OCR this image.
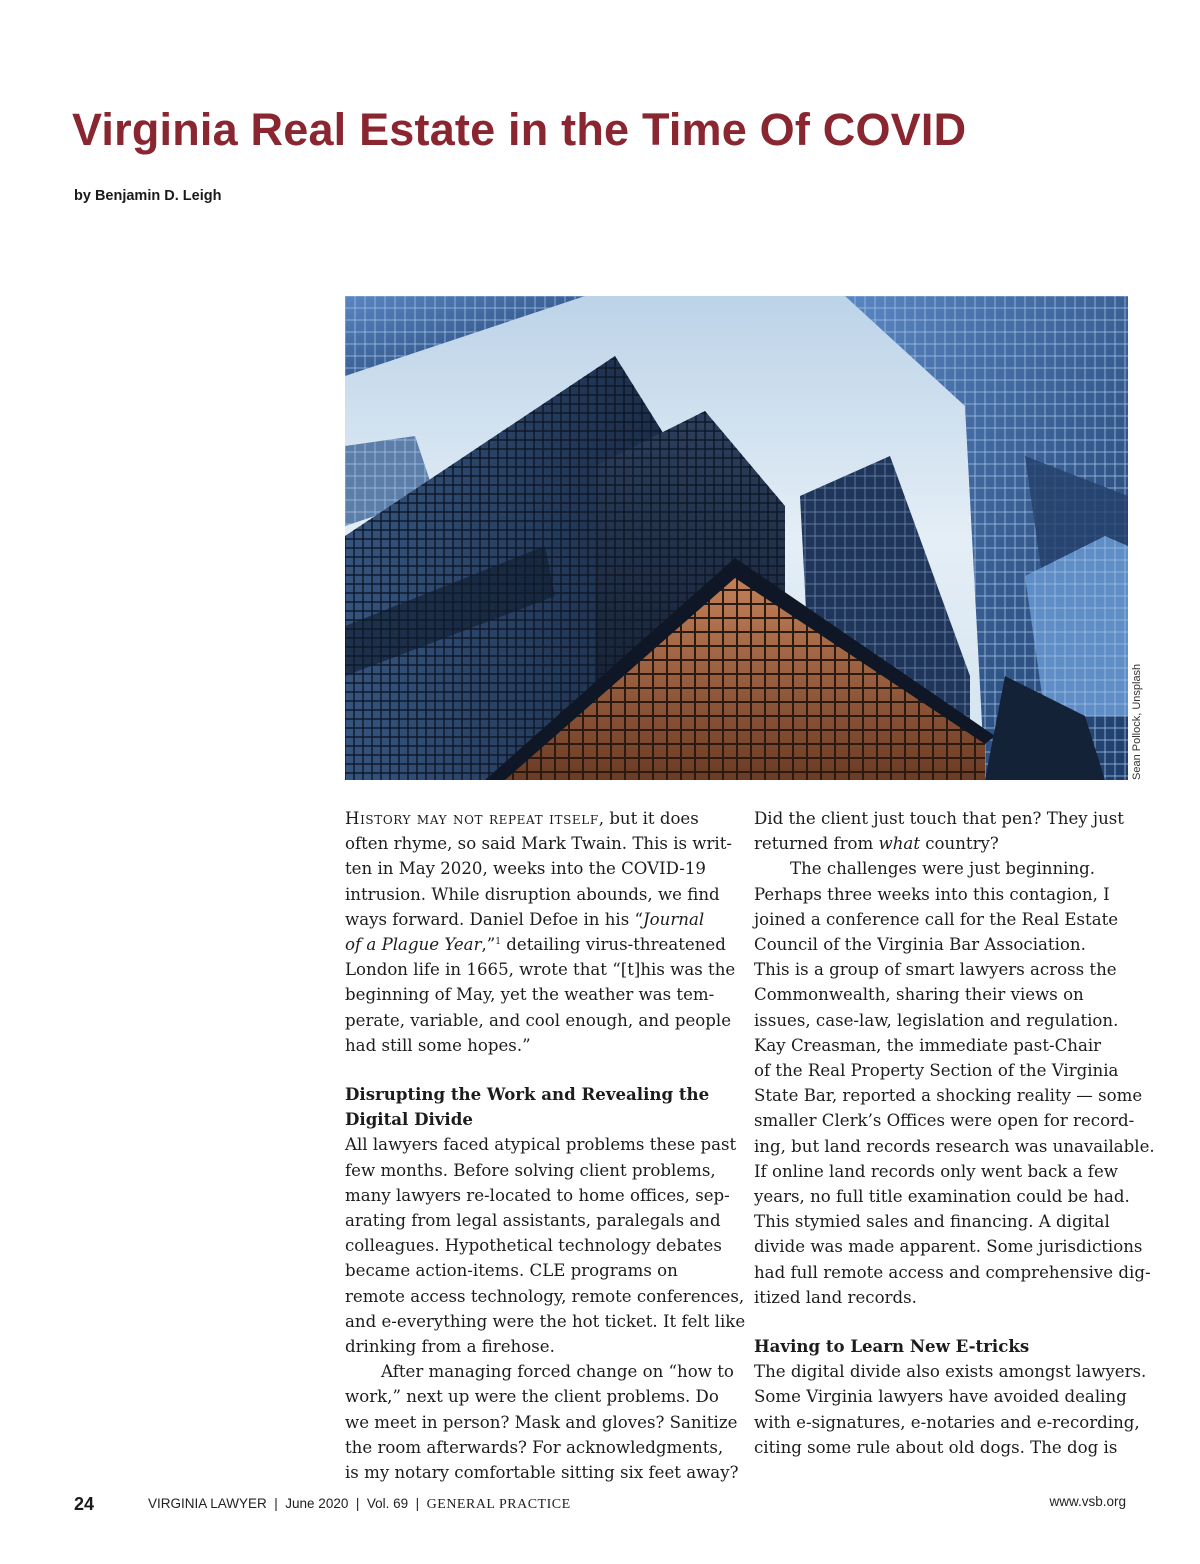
Virginia Real Estate in the Time Of COVID
by Benjamin D. Leigh
Sean Pollock, Unsplash

History may not repeat itself, but it does

often rhyme, so said Mark Twain. This is writ-

ten in May 2020, weeks into the COVID-19

intrusion. While disruption abounds, we find

ways forward. Daniel Defoe in his “Journal

of a Plague Year,”$^1$ detailing virus-threatened

London life in 1665, wrote that “[t]his was the

beginning of May, yet the weather was tem-

perate, variable, and cool enough, and people

had still some hopes.”

Disrupting the Work and Revealing the
Digital Divide

All lawyers faced atypical problems these past

few months. Before solving client problems,

many lawyers re-located to home offices, sep-

arating from legal assistants, paralegals and

colleagues. Hypothetical technology debates

became action-items. CLE programs on

remote access technology, remote conferences,

and e-everything were the hot ticket. It felt like

drinking from a firehose.

After managing forced change on “how to

work,” next up were the client problems. Do

we meet in person? Mask and gloves? Sanitize

the room afterwards? For acknowledgments,

is my notary comfortable sitting six feet away?

Did the client just touch that pen? They just

returned from what country?

The challenges were just beginning.

Perhaps three weeks into this contagion, I

joined a conference call for the Real Estate

Council of the Virginia Bar Association.

This is a group of smart lawyers across the

Commonwealth, sharing their views on

issues, case-law, legislation and regulation.

Kay Creasman, the immediate past-Chair

of the Real Property Section of the Virginia

State Bar, reported a shocking reality — some

smaller Clerk’s Offices were open for record-

ing, but land records research was unavailable.

If online land records only went back a few

years, no full title examination could be had.

This stymied sales and financing. A digital

divide was made apparent. Some jurisdictions

had full remote access and comprehensive dig-

itized land records.

Having to Learn New E-tricks

The digital divide also exists amongst lawyers.

Some Virginia lawyers have avoided dealing

with e-signatures, e-notaries and e-recording,

citing some rule about old dogs. The dog is

24	VIRGINIA LAWYER  |  June 2020  |  Vol. 69  |  GENERAL PRACTICE	www.vsb.org
